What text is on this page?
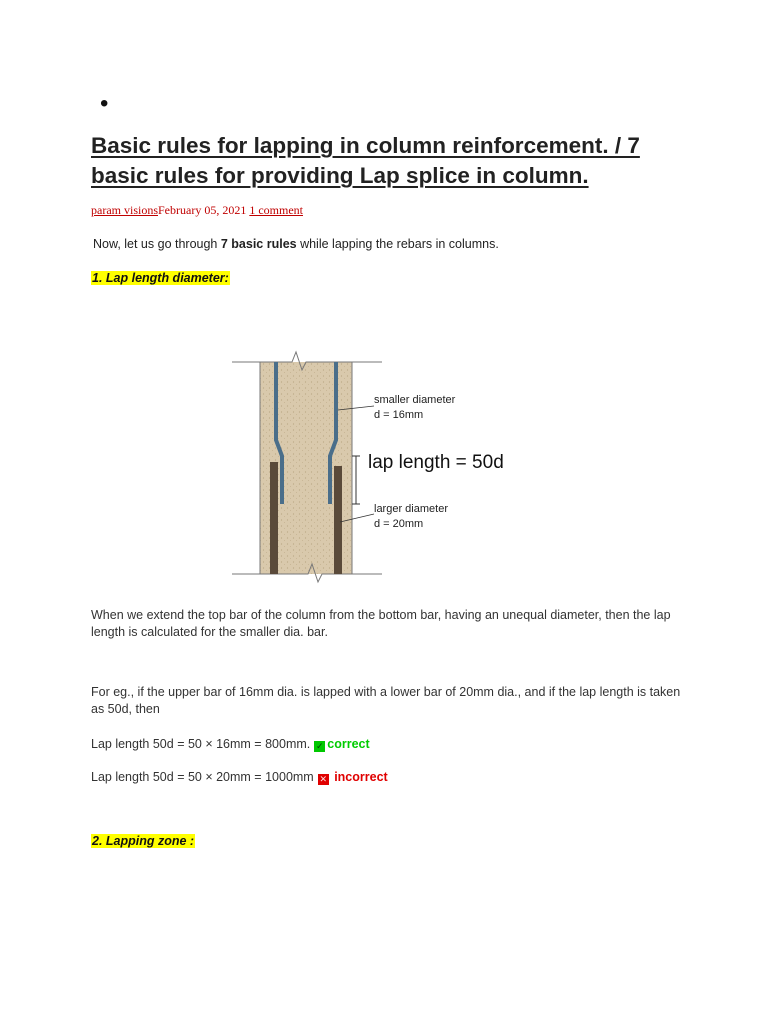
•
Basic rules for lapping in column reinforcement. / 7 basic rules for providing Lap splice in column.
param visionsFebruary 05, 2021 1 comment
Now, let us go through 7 basic rules while lapping the rebars in columns.
1. Lap length diameter:
smaller diameter
d = 16mm
lap length = 50d
larger diameter
d = 20mm

When we extend the top bar of the column from the bottom bar, having an unequal diameter, then the lap length is calculated for the smaller dia. bar.

For eg., if the upper bar of 16mm dia. is lapped with a lower bar of 20mm dia., and if the lap length is taken as 50d, then

Lap length 50d = 50 × 16mm = 800mm. ✓ correct
Lap length 50d = 50 × 20mm = 1000mm ✕ incorrect
2. Lapping zone :
